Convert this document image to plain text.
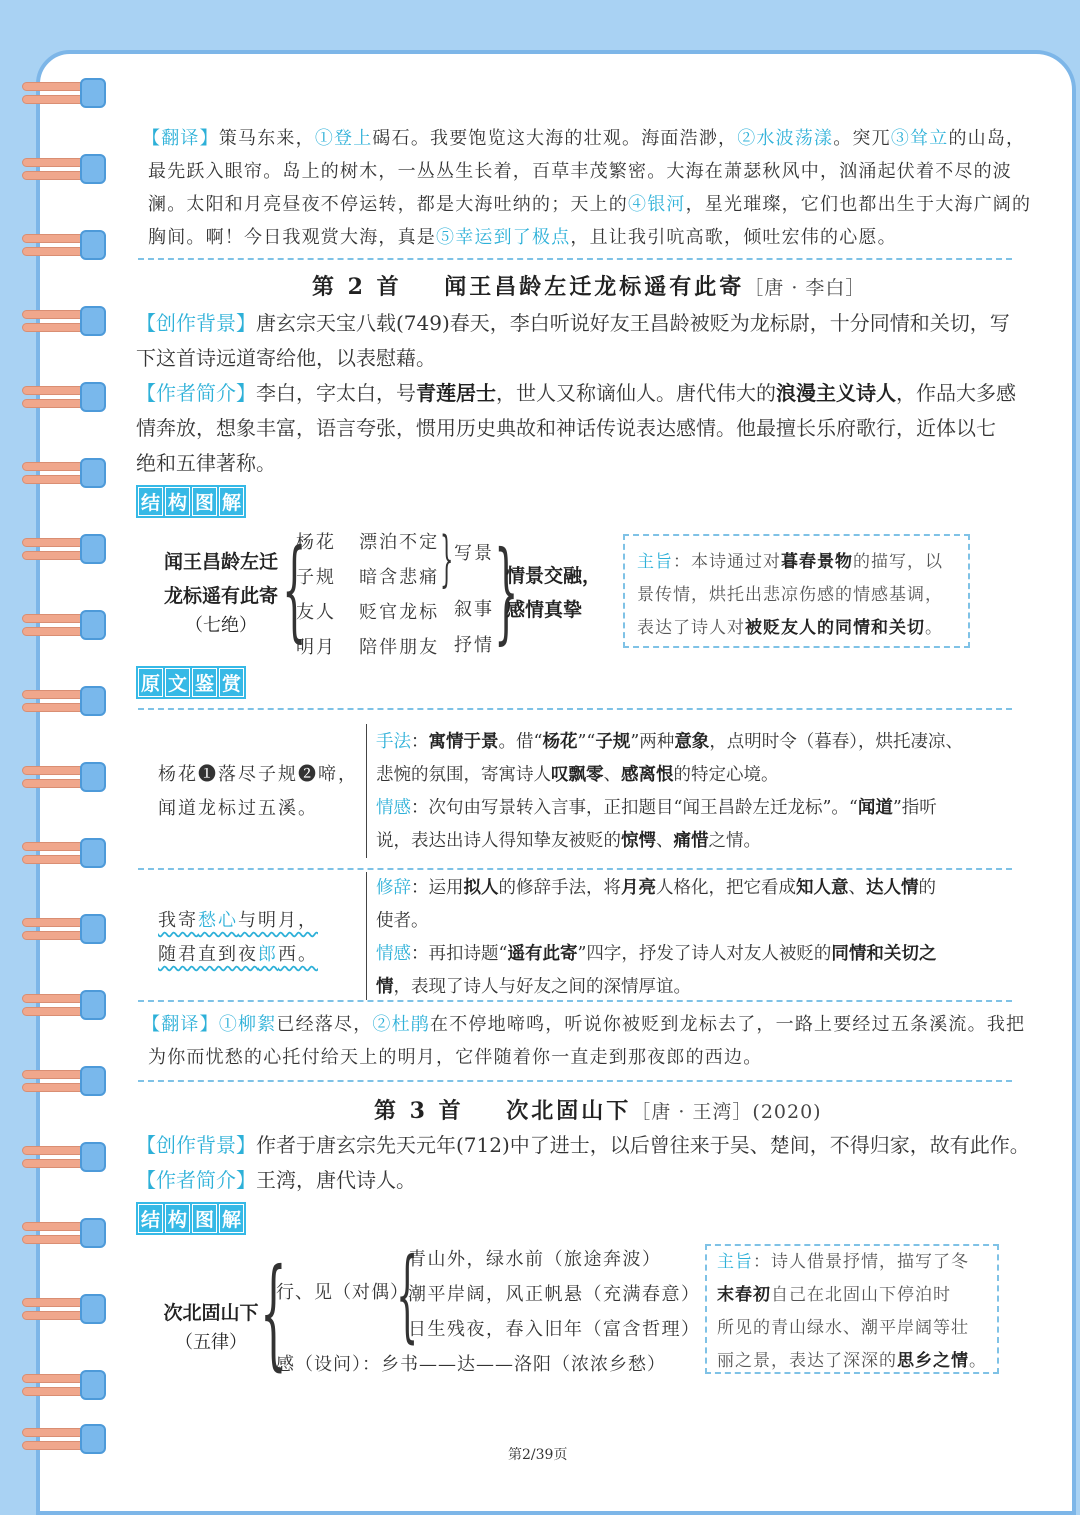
【翻译】策马东来，①登上碣石。我要饱览这大海的壮观。海面浩渺，②水波荡漾。突兀③耸立的山岛，
最先跃入眼帘。岛上的树木，一丛丛生长着，百草丰茂繁密。大海在萧瑟秋风中，汹涌起伏着不尽的波
澜。太阳和月亮昼夜不停运转，都是大海吐纳的；天上的④银河，星光璀璨，它们也都出生于大海广阔的
胸间。啊！今日我观赏大海，真是⑤幸运到了极点，且让我引吭高歌，倾吐宏伟的心愿。
第 2 首 闻王昌龄左迁龙标遥有此寄［唐 · 李白］
【创作背景】唐玄宗天宝八载(749)春天，李白听说好友王昌龄被贬为龙标尉，十分同情和关切，写
下这首诗远道寄给他，以表慰藉。
【作者简介】李白，字太白，号青莲居士，世人又称谪仙人。唐代伟大的浪漫主义诗人，作品大多感
情奔放，想象丰富，语言夸张，惯用历史典故和神话传说表达感情。他最擅长乐府歌行，近体以七
绝和五律著称。
结 构 图 解
闻王昌龄左迁
龙标遥有此寄
（七绝） {
杨花 漂泊不定
子规 暗含悲痛
友人 贬官龙标
明月 陪伴朋友
} 写景
叙事
抒情 }
情景交融，
感情真挚
主旨：本诗通过对暮春景物的描写，以
景传情，烘托出悲凉伤感的情感基调，
表达了诗人对被贬友人的同情和关切。
原 文 鉴 赏
杨花❶落尽子规❷啼，
闻道龙标过五溪。
手法：寓情于景。借“杨花”“子规”两种意象，点明时令（暮春），烘托凄凉、
悲惋的氛围，寄寓诗人叹飘零、感离恨的特定心境。
情感：次句由写景转入言事，正扣题目“闻王昌龄左迁龙标”。“闻道”指听
说，表达出诗人得知挚友被贬的惊愕、痛惜之情。
我寄愁心与明月，
随君直到夜郎西。
修辞：运用拟人的修辞手法，将月亮人格化，把它看成知人意、达人情的
使者。
情感：再扣诗题“遥有此寄”四字，抒发了诗人对友人被贬的同情和关切之
情，表现了诗人与好友之间的深情厚谊。
【翻译】①柳絮已经落尽，②杜鹃在不停地啼鸣，听说你被贬到龙标去了，一路上要经过五条溪流。我把
为你而忧愁的心托付给天上的明月，它伴随着你一直走到那夜郎的西边。
第 3 首 次北固山下［唐 · 王湾］(2020)
【创作背景】作者于唐玄宗先天元年(712)中了进士，以后曾往来于吴、楚间，不得归家，故有此作。
【作者简介】王湾，唐代诗人。
结 构 图 解
次北固山下
（五律） {
行、见（对偶）
{
青山外，绿水前（旅途奔波）
潮平岸阔，风正帆悬（充满春意）
日生残夜，春入旧年（富含哲理）
感（设问）：乡书——达——洛阳（浓浓乡愁）
主旨：诗人借景抒情，描写了冬
末春初自己在北固山下停泊时
所见的青山绿水、潮平岸阔等壮
丽之景，表达了深深的思乡之情。
第2/39页
